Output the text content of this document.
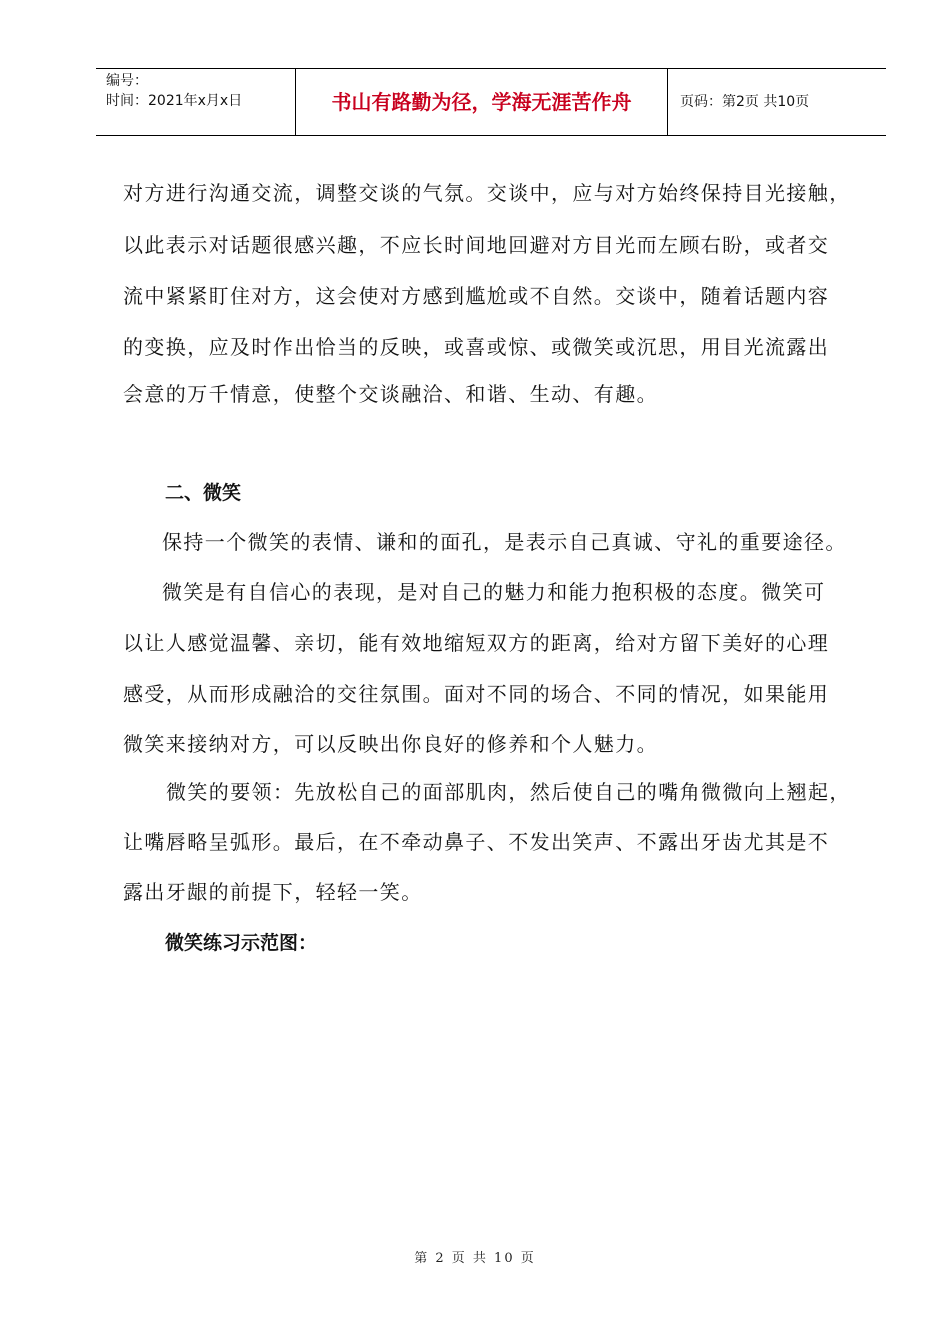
编号：
时间：2021年x月x日	书山有路勤为径，学海无涯苦作舟	页码：第2页 共10页
对方进行沟通交流，调整交谈的气氛。交谈中，应与对方始终保持目光接触，
以此表示对话题很感兴趣，不应长时间地回避对方目光而左顾右盼，或者交
流中紧紧盯住对方，这会使对方感到尴尬或不自然。交谈中，随着话题内容
的变换，应及时作出恰当的反映，或喜或惊、或微笑或沉思，用目光流露出
会意的万千情意，使整个交谈融洽、和谐、生动、有趣。
二、微笑
保持一个微笑的表情、谦和的面孔，是表示自己真诚、守礼的重要途径。
微笑是有自信心的表现，是对自己的魅力和能力抱积极的态度。微笑可
以让人感觉温馨、亲切，能有效地缩短双方的距离，给对方留下美好的心理
感受，从而形成融洽的交往氛围。面对不同的场合、不同的情况，如果能用
微笑来接纳对方，可以反映出你良好的修养和个人魅力。
微笑的要领：先放松自己的面部肌肉，然后使自己的嘴角微微向上翘起，
让嘴唇略呈弧形。最后，在不牵动鼻子、不发出笑声、不露出牙齿尤其是不
露出牙龈的前提下，轻轻一笑。
微笑练习示范图：
第 2 页 共 10 页
